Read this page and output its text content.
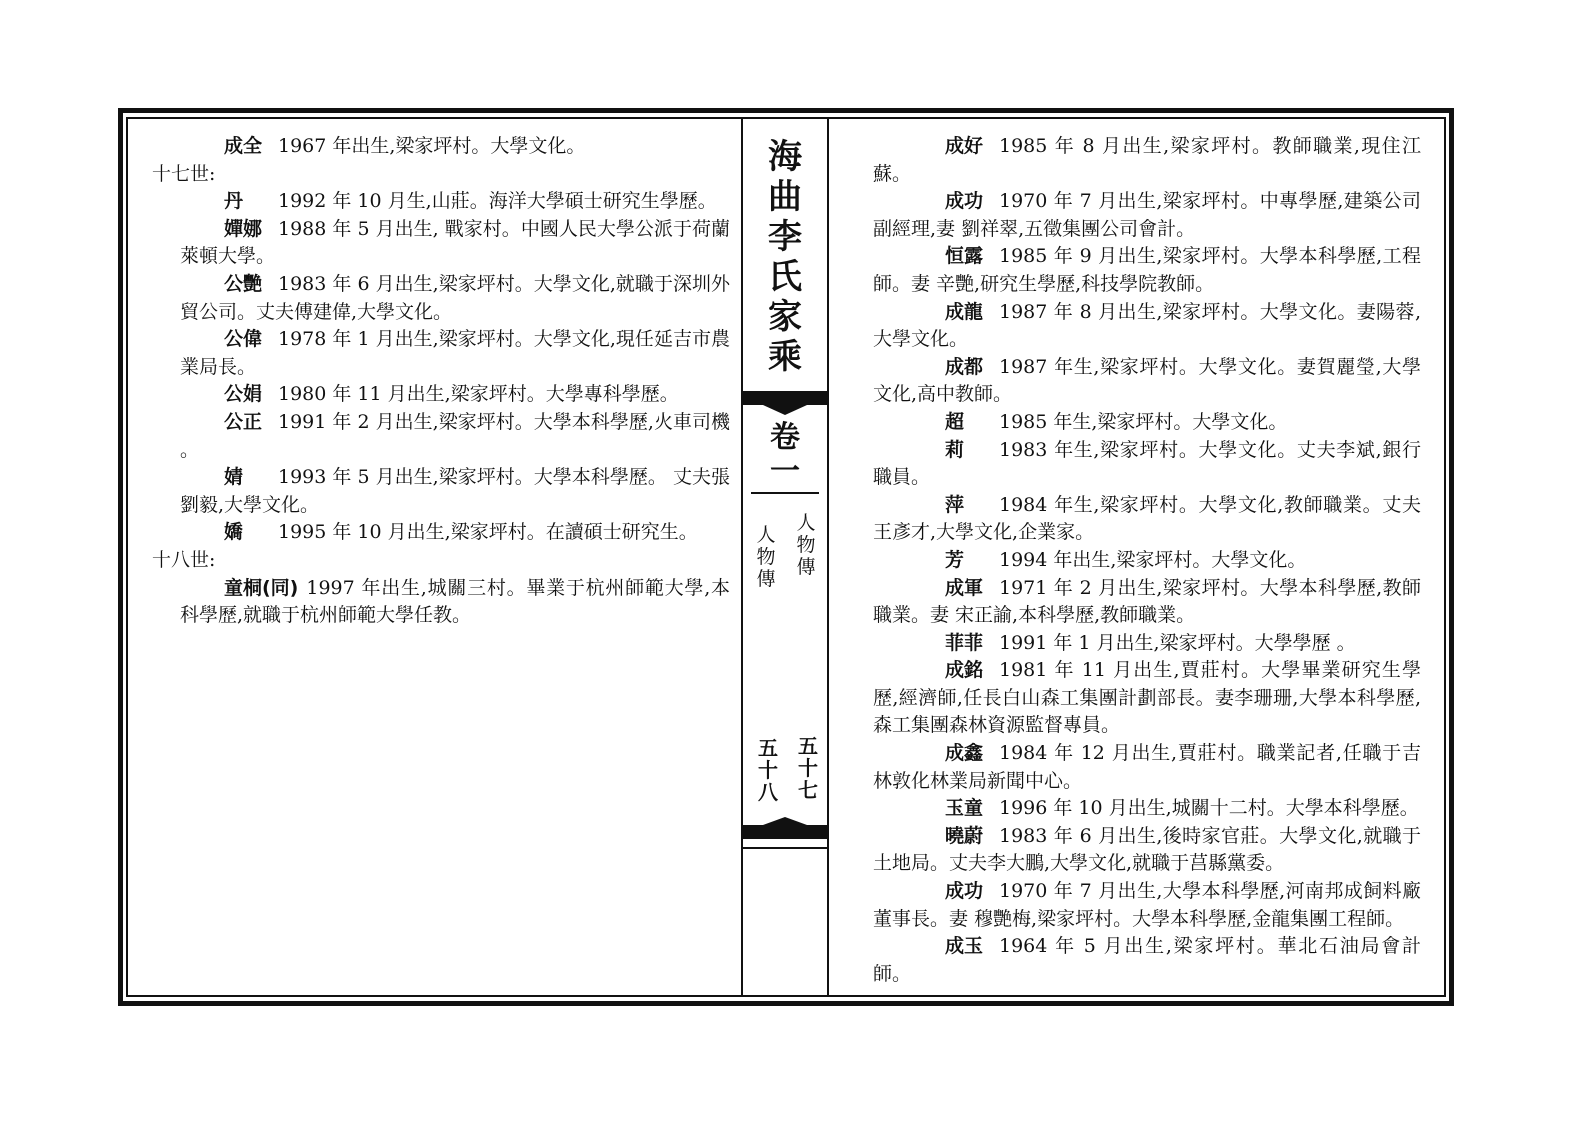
成全 1967 年出生,梁家坪村。大學文化。

十七世:

丹 1992 年 10 月生,山莊。海洋大學碩士研究生學歷。

嬋娜 1988 年 5 月出生, 戰家村。中國人民大學公派于荷蘭萊頓大學。

公艷 1983 年 6 月出生,梁家坪村。大學文化,就職于深圳外貿公司。丈夫傅建偉,大學文化。

公偉 1978 年 1 月出生,梁家坪村。大學文化,現任延吉市農業局長。

公娟 1980 年 11 月出生,梁家坪村。大學專科學歷。

公正 1991 年 2 月出生,梁家坪村。大學本科學歷,火車司機 。

婧 1993 年 5 月出生,梁家坪村。大學本科學歷。 丈夫張劉毅,大學文化。

嬌 1995 年 10 月出生,梁家坪村。在讀碩士研究生。

十八世:

童桐(同) 1997 年出生,城關三村。畢業于杭州師範大學,本科學歷,就職于杭州師範大學任教。

海
曲
李
氏
家
乘
卷
一
人
物
傳
人
物
傳
五
十
七
五
十
八

成好 1985 年 8 月出生,梁家坪村。教師職業,現住江蘇。

成功 1970 年 7 月出生,梁家坪村。中專學歷,建築公司副經理,妻 劉祥翠,五徵集團公司會計。

恒露 1985 年 9 月出生,梁家坪村。大學本科學歷,工程師。妻 辛艷,研究生學歷,科技學院教師。

成龍 1987 年 8 月出生,梁家坪村。大學文化。妻陽蓉,大學文化。

成都 1987 年生,梁家坪村。大學文化。妻賀麗瑩,大學文化,高中教師。

超 1985 年生,梁家坪村。大學文化。

莉 1983 年生,梁家坪村。大學文化。丈夫李斌,銀行職員。

萍 1984 年生,梁家坪村。大學文化,教師職業。丈夫王彥才,大學文化,企業家。

芳 1994 年出生,梁家坪村。大學文化。

成軍 1971 年 2 月出生,梁家坪村。大學本科學歷,教師職業。妻 宋正諭,本科學歷,教師職業。

菲菲 1991 年 1 月出生,梁家坪村。大學學歷 。

成銘 1981 年 11 月出生,賈莊村。大學畢業研究生學歷,經濟師,任長白山森工集團計劃部長。妻李珊珊,大學本科學歷,森工集團森林資源監督專員。

成鑫 1984 年 12 月出生,賈莊村。職業記者,任職于吉林敦化林業局新聞中心。

玉童 1996 年 10 月出生,城關十二村。大學本科學歷。

曉蔚 1983 年 6 月出生,後時家官莊。大學文化,就職于土地局。丈夫李大鵬,大學文化,就職于莒縣黨委。

成功 1970 年 7 月出生,大學本科學歷,河南邦成飼料廠董事長。妻 穆艷梅,梁家坪村。大學本科學歷,金龍集團工程師。

成玉 1964 年 5 月出生,梁家坪村。華北石油局會計師。
